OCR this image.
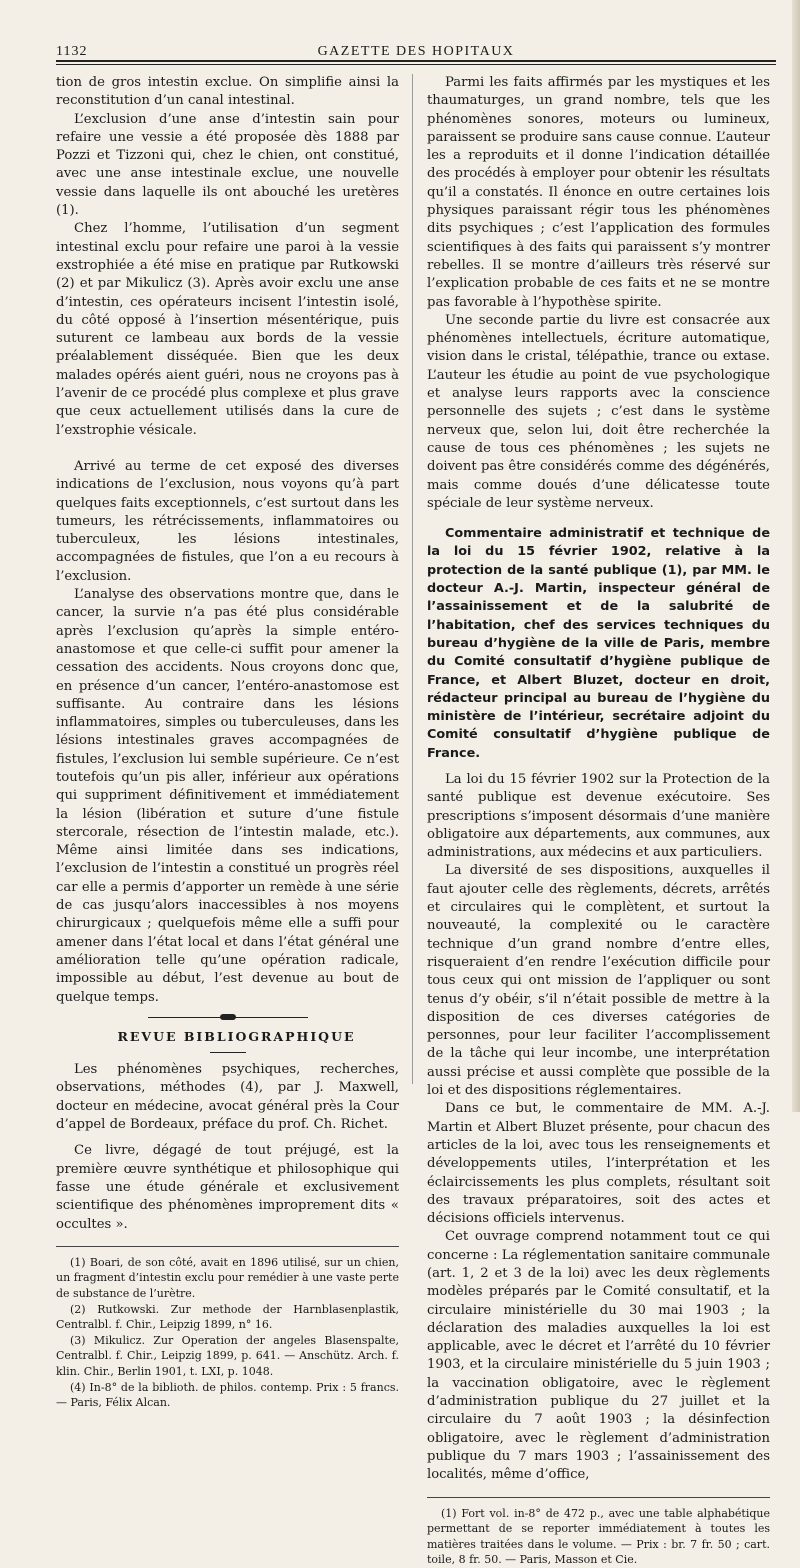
1132	GAZETTE DES HOPITAUX

tion de gros intestin exclue. On simplifie ainsi la reconstitution d’un canal intestinal.

L’exclusion d’une anse d’intestin sain pour refaire une vessie a été proposée dès 1888 par Pozzi et Tizzoni qui, chez le chien, ont constitué, avec une anse intestinale exclue, une nouvelle vessie dans laquelle ils ont abouché les uretères (1).

Chez l’homme, l’utilisation d’un segment intestinal exclu pour refaire une paroi à la vessie exstrophiée a été mise en pratique par Rutkowski (2) et par Mikulicz (3). Après avoir exclu une anse d’intestin, ces opérateurs incisent l’intestin isolé, du côté opposé à l’insertion mésentérique, puis suturent ce lambeau aux bords de la vessie préalablement disséquée. Bien que les deux malades opérés aient guéri, nous ne croyons pas à l’avenir de ce procédé plus complexe et plus grave que ceux actuellement utilisés dans la cure de l’exstrophie vésicale.

Arrivé au terme de cet exposé des diverses indications de l’exclusion, nous voyons qu’à part quelques faits exceptionnels, c’est surtout dans les tumeurs, les rétrécissements, inflammatoires ou tuberculeux, les lésions intestinales, accompagnées de fistules, que l’on a eu recours à l’exclusion.

L’analyse des observations montre que, dans le cancer, la survie n’a pas été plus considérable après l’exclusion qu’après la simple entéro-anastomose et que celle-ci suffit pour amener la cessation des accidents. Nous croyons donc que, en présence d’un cancer, l’entéro-anastomose est suffisante. Au contraire dans les lésions inflammatoires, simples ou tuberculeuses, dans les lésions intestinales graves accompagnées de fistules, l’exclusion lui semble supérieure. Ce n’est toutefois qu’un pis aller, inférieur aux opérations qui suppriment définitivement et immédiatement la lésion (libération et suture d’une fistule stercorale, résection de l’intestin malade, etc.). Même ainsi limitée dans ses indications, l’exclusion de l’intestin a constitué un progrès réel car elle a permis d’apporter un remède à une série de cas jusqu’alors inaccessibles à nos moyens chirurgicaux ; quelquefois même elle a suffi pour amener dans l’état local et dans l’état général une amélioration telle qu’une opération radicale, impossible au début, l’est devenue au bout de quelque temps.

REVUE BIBLIOGRAPHIQUE

Les phénomènes psychiques, recherches, observations, méthodes (4), par J. Maxwell, docteur en médecine, avocat général près la Cour d’appel de Bordeaux, préface du prof. Ch. Richet.

Ce livre, dégagé de tout préjugé, est la première œuvre synthétique et philosophique qui fasse une étude générale et exclusivement scientifique des phénomènes improprement dits « occultes ».

(1) Boari, de son côté, avait en 1896 utilisé, sur un chien, un fragment d’intestin exclu pour remédier à une vaste perte de substance de l’urètre.

(2) Rutkowski. Zur methode der Harnblasenplastik, Centralbl. f. Chir., Leipzig 1899, n° 16.

(3) Mikulicz. Zur Operation der angeles Blasenspalte, Centralbl. f. Chir., Leipzig 1899, p. 641. — Anschütz. Arch. f. klin. Chir., Berlin 1901, t. LXI, p. 1048.

(4) In-8° de la biblioth. de philos. contemp. Prix : 5 francs. — Paris, Félix Alcan.

Parmi les faits affirmés par les mystiques et les thaumaturges, un grand nombre, tels que les phénomènes sonores, moteurs ou lumineux, paraissent se produire sans cause connue. L’auteur les a reproduits et il donne l’indication détaillée des procédés à employer pour obtenir les résultats qu’il a constatés. Il énonce en outre certaines lois physiques paraissant régir tous les phénomènes dits psychiques ; c’est l’application des formules scientifiques à des faits qui paraissent s’y montrer rebelles. Il se montre d’ailleurs très réservé sur l’explication probable de ces faits et ne se montre pas favorable à l’hypothèse spirite.

Une seconde partie du livre est consacrée aux phénomènes intellectuels, écriture automatique, vision dans le cristal, télépathie, trance ou extase. L’auteur les étudie au point de vue psychologique et analyse leurs rapports avec la conscience personnelle des sujets ; c’est dans le système nerveux que, selon lui, doit être recherchée la cause de tous ces phénomènes ; les sujets ne doivent pas être considérés comme des dégénérés, mais comme doués d’une délicatesse toute spéciale de leur système nerveux.

Commentaire administratif et technique de la loi du 15 février 1902, relative à la protection de la santé publique (1), par MM. le docteur A.-J. Martin, inspecteur général de l’assainissement et de la salubrité de l’habitation, chef des services techniques du bureau d’hygiène de la ville de Paris, membre du Comité consultatif d’hygiène publique de France, et Albert Bluzet, docteur en droit, rédacteur principal au bureau de l’hygiène du ministère de l’intérieur, secrétaire adjoint du Comité consultatif d’hygiène publique de France.

La loi du 15 février 1902 sur la Protection de la santé publique est devenue exécutoire. Ses prescriptions s’imposent désormais d’une manière obligatoire aux départements, aux communes, aux administrations, aux médecins et aux particuliers.

La diversité de ses dispositions, auxquelles il faut ajouter celle des règlements, décrets, arrêtés et circulaires qui le complètent, et surtout la nouveauté, la complexité ou le caractère technique d’un grand nombre d’entre elles, risqueraient d’en rendre l’exécution difficile pour tous ceux qui ont mission de l’appliquer ou sont tenus d’y obéir, s’il n’était possible de mettre à la disposition de ces diverses catégories de personnes, pour leur faciliter l’accomplissement de la tâche qui leur incombe, une interprétation aussi précise et aussi complète que possible de la loi et des dispositions réglementaires.

Dans ce but, le commentaire de MM. A.-J. Martin et Albert Bluzet présente, pour chacun des articles de la loi, avec tous les renseignements et développements utiles, l’interprétation et les éclaircissements les plus complets, résultant soit des travaux préparatoires, soit des actes et décisions officiels intervenus.

Cet ouvrage comprend notamment tout ce qui concerne : La réglementation sanitaire communale (art. 1, 2 et 3 de la loi) avec les deux règlements modèles préparés par le Comité consultatif, et la circulaire ministérielle du 30 mai 1903 ; la déclaration des maladies auxquelles la loi est applicable, avec le décret et l’arrêté du 10 février 1903, et la circulaire ministérielle du 5 juin 1903 ; la vaccination obligatoire, avec le règlement d’administration publique du 27 juillet et la circulaire du 7 août 1903 ; la désinfection obligatoire, avec le règlement d’administration publique du 7 mars 1903 ; l’assainissement des localités, même d’office,

(1) Fort vol. in-8° de 472 p., avec une table alphabétique permettant de se reporter immédiatement à toutes les matières traitées dans le volume. — Prix : br. 7 fr. 50 ; cart. toile, 8 fr. 50. — Paris, Masson et Cie.
